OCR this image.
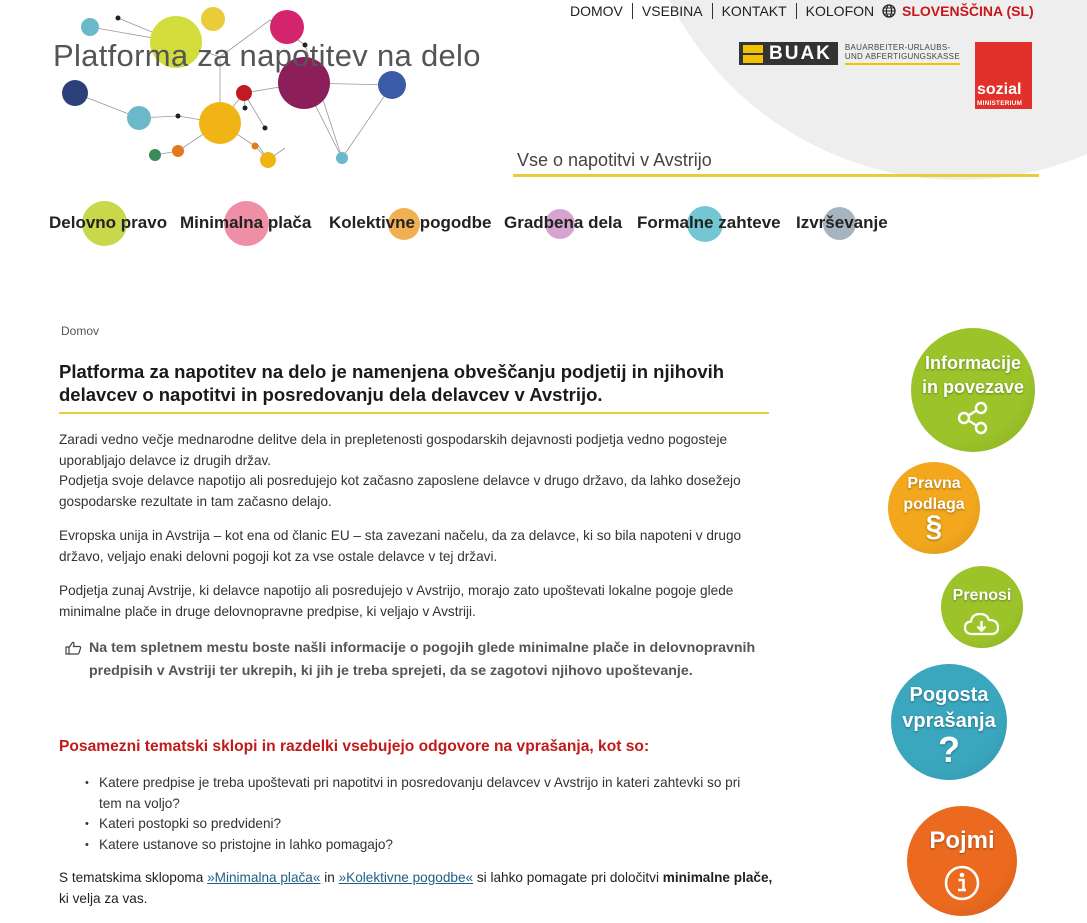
Platforma za napotitev na delo
DOMOV	VSEBINA	KONTAKT	KOLOFON	SLOVENŠČINA (SL)
BUAK BAUARBEITER-URLAUBS-
UND ABFERTIGUNGSKASSE
sozial
MINISTERIUM
Vse o napotitvi v Avstrijo
Delovno pravo Minimalna plača Kolektivne pogodbe Gradbena dela Formalne zahteve Izvrševanje
Domov
Platforma za napotitev na delo je namenjena obveščanju podjetij in njihovih delavcev o napotitvi in posredovanju dela delavcev v Avstrijo.

Zaradi vedno večje mednarodne delitve dela in prepletenosti gospodarskih dejavnosti podjetja vedno pogosteje uporabljajo delavce iz drugih držav.
Podjetja svoje delavce napotijo ali posredujejo kot začasno zaposlene delavce v drugo državo, da lahko dosežejo gospodarske rezultate in tam začasno delajo.

Evropska unija in Avstrija – kot ena od članic EU – sta zavezani načelu, da za delavce, ki so bila napoteni v drugo državo, veljajo enaki delovni pogoji kot za vse ostale delavce v tej državi.

Podjetja zunaj Avstrije, ki delavce napotijo ali posredujejo v Avstrijo, morajo zato upoštevati lokalne pogoje glede minimalne plače in druge delovnopravne predpise, ki veljajo v Avstriji.

Na tem spletnem mestu boste našli informacije o pogojih glede minimalne plače in delovnopravnih predpisih v Avstriji ter ukrepih, ki jih je treba sprejeti, da se zagotovi njihovo upoštevanje.
Posamezni tematski sklopi in razdelki vsebujejo odgovore na vprašanja, kot so:
• Katere predpise je treba upoštevati pri napotitvi in posredovanju delavcev v Avstrijo in kateri zahtevki so pri tem na voljo?
• Kateri postopki so predvideni?
• Katere ustanove so pristojne in lahko pomagajo?

S tematskima sklopoma »Minimalna plača« in »Kolektivne pogodbe« si lahko pomagate pri določitvi minimalne plače, ki velja za vas.

Informacije
in povezave
Pravna
podlaga
§
Prenosi
Pogosta
vprašanja
?
Pojmi
